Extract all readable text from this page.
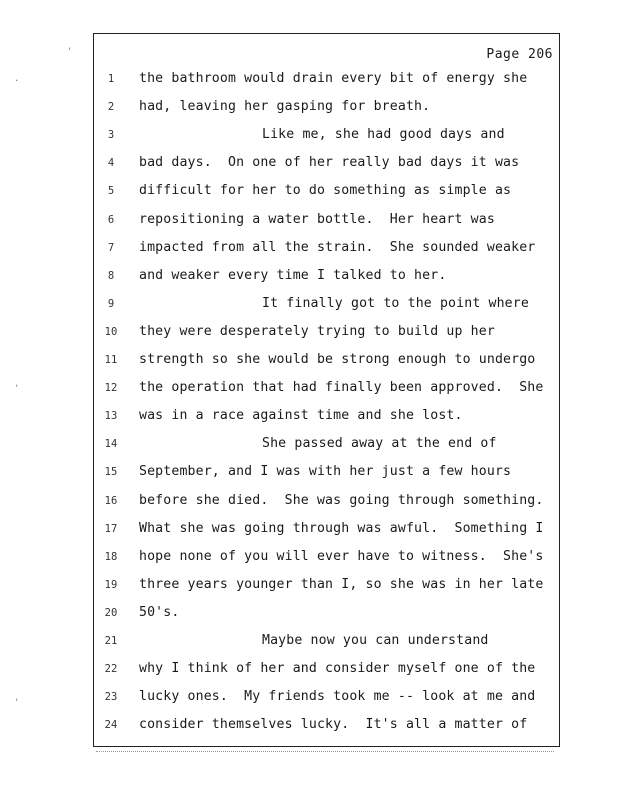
'
.
'
'
Page 206
1	the bathroom would drain every bit of energy she
2	had, leaving her gasping for breath.
3	Like me, she had good days and
4	bad days.  On one of her really bad days it was
5	difficult for her to do something as simple as
6	repositioning a water bottle.  Her heart was
7	impacted from all the strain.  She sounded weaker
8	and weaker every time I talked to her.
9	It finally got to the point where
10	they were desperately trying to build up her
11	strength so she would be strong enough to undergo
12	the operation that had finally been approved.  She
13	was in a race against time and she lost.
14	She passed away at the end of
15	September, and I was with her just a few hours
16	before she died.  She was going through something.
17	What she was going through was awful.  Something I
18	hope none of you will ever have to witness.  She's
19	three years younger than I, so she was in her late
20	50's.
21	Maybe now you can understand
22	why I think of her and consider myself one of the
23	lucky ones.  My friends took me -- look at me and
24	consider themselves lucky.  It's all a matter of
